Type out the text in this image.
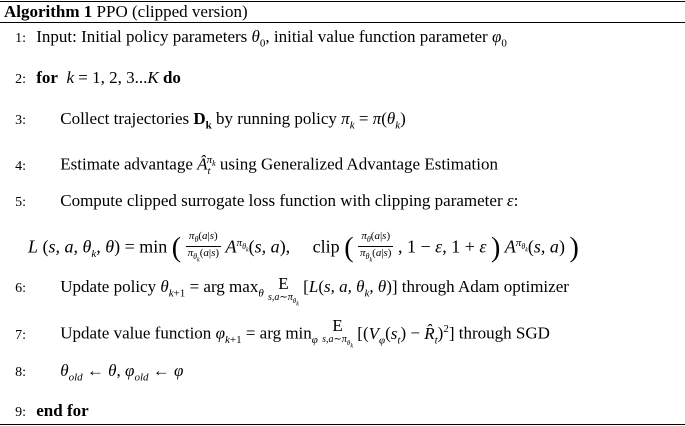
Algorithm 1 PPO (clipped version)
1: Input: Initial policy parameters $\theta_0$, initial value function parameter $\varphi_0$
2: for k = 1, 2, 3...K do
3: Collect trajectories $D_k$ by running policy $\pi_k = \pi(\theta_k)$
4: Estimate advantage $Â_t^{\pi_k}$ using Generalized Advantage Estimation
5: Compute clipped surrogate loss function with clipping parameter ε:
L (s, a, $\theta_k$, θ) = min ( $\pi_\theta(a|s)$
$\pi_{\theta_k}(a|s)$ $A^{\pi_{\theta_k}}(s$, a),     clip ( $\pi_\theta(a|s)$
$\pi_{\theta_k}(a|s)$ , 1 − ε, 1 + ε ) $A^{\pi_{\theta_k}}(s$, a) )
6: Update policy $\theta_{k+1}$ = arg $\max_\theta$
E
$s,a\sim\pi_{\theta_k}$
[L(s, a, $\theta_k$, θ)] through Adam optimizer
7: Update value function $\varphi_{k+1}$ = arg $\min_\varphi$
E
$s,a\sim\pi_{\theta_k}$
[($V_\varphi(s_t)$ − $R̂_t)^2$] through SGD
8: $\theta_{old}$ ← θ, $\varphi_{old}$ ← φ
9: end for
